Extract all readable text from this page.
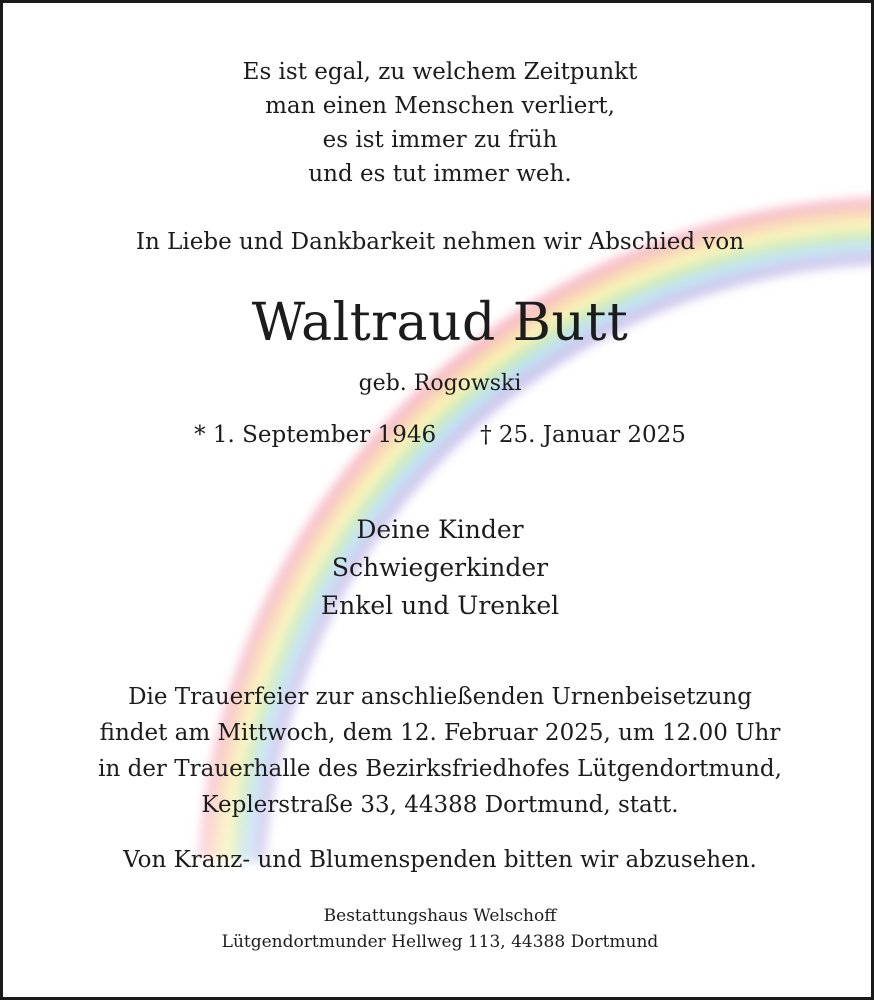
Es ist egal, zu welchem Zeitpunkt
man einen Menschen verliert,
es ist immer zu früh
und es tut immer weh.
In Liebe und Dankbarkeit nehmen wir Abschied von
Waltraud Butt
geb. Rogowski
* 1. September 1946 † 25. Januar 2025
Deine Kinder
Schwiegerkinder
Enkel und Urenkel
Die Trauerfeier zur anschließenden Urnenbeisetzung
findet am Mittwoch, dem 12. Februar 2025, um 12.00 Uhr
in der Trauerhalle des Bezirksfriedhofes Lütgendortmund,
Keplerstraße 33, 44388 Dortmund, statt.
Von Kranz- und Blumenspenden bitten wir abzusehen.
Bestattungshaus Welschoff
Lütgendortmunder Hellweg 113, 44388 Dortmund
